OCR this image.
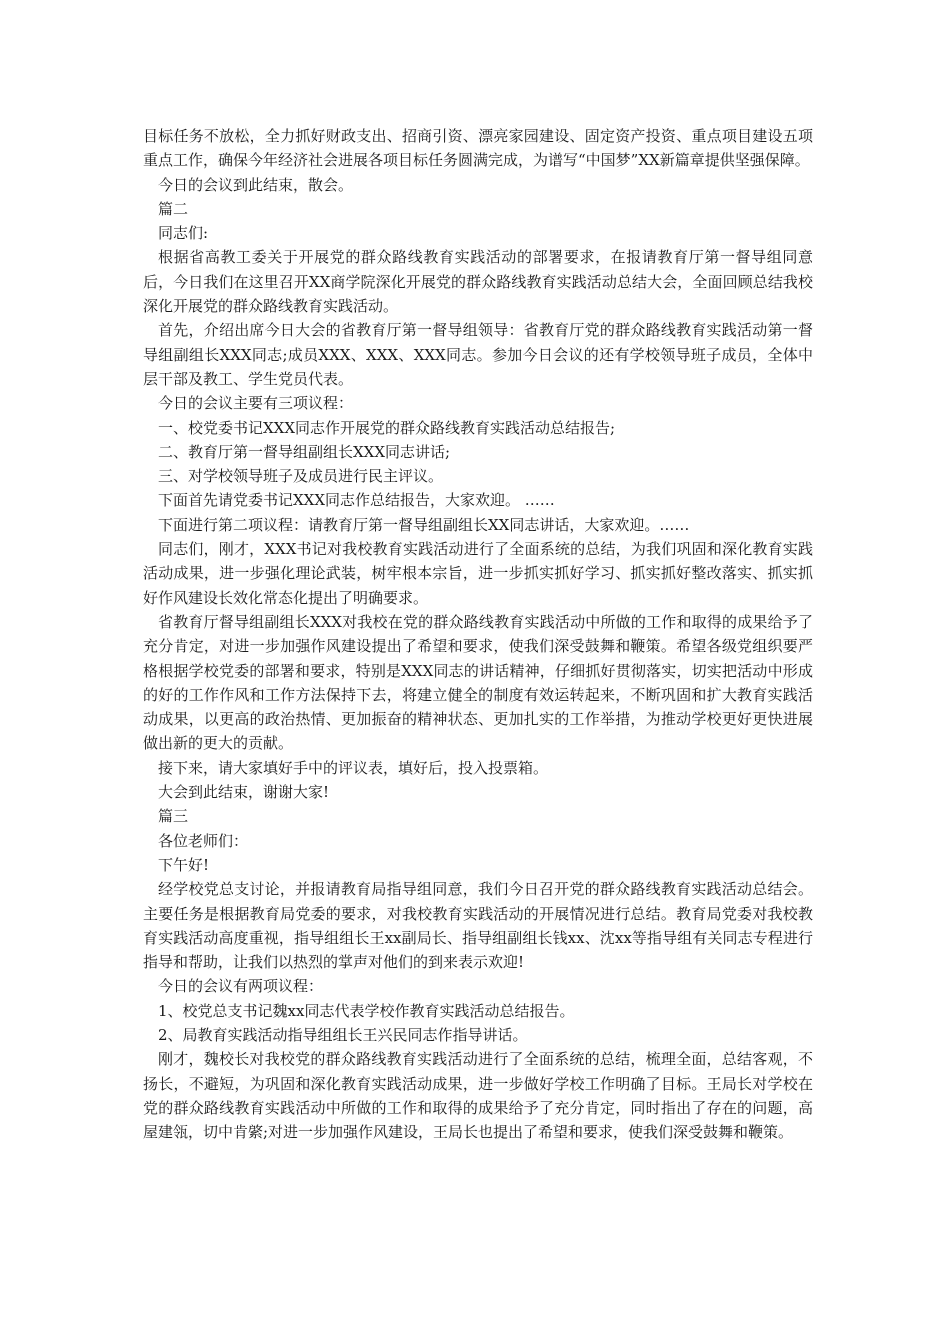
目标任务不放松，全力抓好财政支出、招商引资、漂亮家园建设、固定资产投资、重点项目建设五项重点工作，确保今年经济社会进展各项目标任务圆满完成，为谱写“中国梦”XX新篇章提供坚强保障。

今日的会议到此结束，散会。

篇二

同志们:

根据省高教工委关于开展党的群众路线教育实践活动的部署要求，在报请教育厅第一督导组同意后，今日我们在这里召开XX商学院深化开展党的群众路线教育实践活动总结大会，全面回顾总结我校深化开展党的群众路线教育实践活动。

首先，介绍出席今日大会的省教育厅第一督导组领导：省教育厅党的群众路线教育实践活动第一督导组副组长XXX同志;成员XXX、XXX、XXX同志。参加今日会议的还有学校领导班子成员，全体中层干部及教工、学生党员代表。

今日的会议主要有三项议程：

一、校党委书记XXX同志作开展党的群众路线教育实践活动总结报告;

二、教育厅第一督导组副组长XXX同志讲话;

三、对学校领导班子及成员进行民主评议。

下面首先请党委书记XXX同志作总结报告，大家欢迎。 ……

下面进行第二项议程：请教育厅第一督导组副组长XX同志讲话，大家欢迎。……

同志们，刚才，XXX书记对我校教育实践活动进行了全面系统的总结，为我们巩固和深化教育实践活动成果，进一步强化理论武装，树牢根本宗旨，进一步抓实抓好学习、抓实抓好整改落实、抓实抓好作风建设长效化常态化提出了明确要求。

省教育厅督导组副组长XXX对我校在党的群众路线教育实践活动中所做的工作和取得的成果给予了充分肯定，对进一步加强作风建设提出了希望和要求，使我们深受鼓舞和鞭策。希望各级党组织要严格根据学校党委的部署和要求，特别是XXX同志的讲话精神，仔细抓好贯彻落实，切实把活动中形成的好的工作作风和工作方法保持下去，将建立健全的制度有效运转起来，不断巩固和扩大教育实践活动成果，以更高的政治热情、更加振奋的精神状态、更加扎实的工作举措，为推动学校更好更快进展做出新的更大的贡献。

接下来，请大家填好手中的评议表，填好后，投入投票箱。

大会到此结束，谢谢大家!

篇三

各位老师们：

下午好!

经学校党总支讨论，并报请教育局指导组同意，我们今日召开党的群众路线教育实践活动总结会。主要任务是根据教育局党委的要求，对我校教育实践活动的开展情况进行总结。教育局党委对我校教育实践活动高度重视，指导组组长王xx副局长、指导组副组长钱xx、沈xx等指导组有关同志专程进行指导和帮助，让我们以热烈的掌声对他们的到来表示欢迎!

今日的会议有两项议程：

1、校党总支书记魏xx同志代表学校作教育实践活动总结报告。

2、局教育实践活动指导组组长王兴民同志作指导讲话。

刚才，魏校长对我校党的群众路线教育实践活动进行了全面系统的总结，梳理全面，总结客观，不扬长，不避短，为巩固和深化教育实践活动成果，进一步做好学校工作明确了目标。王局长对学校在党的群众路线教育实践活动中所做的工作和取得的成果给予了充分肯定，同时指出了存在的问题，高屋建瓴，切中肯綮;对进一步加强作风建设，王局长也提出了希望和要求，使我们深受鼓舞和鞭策。
